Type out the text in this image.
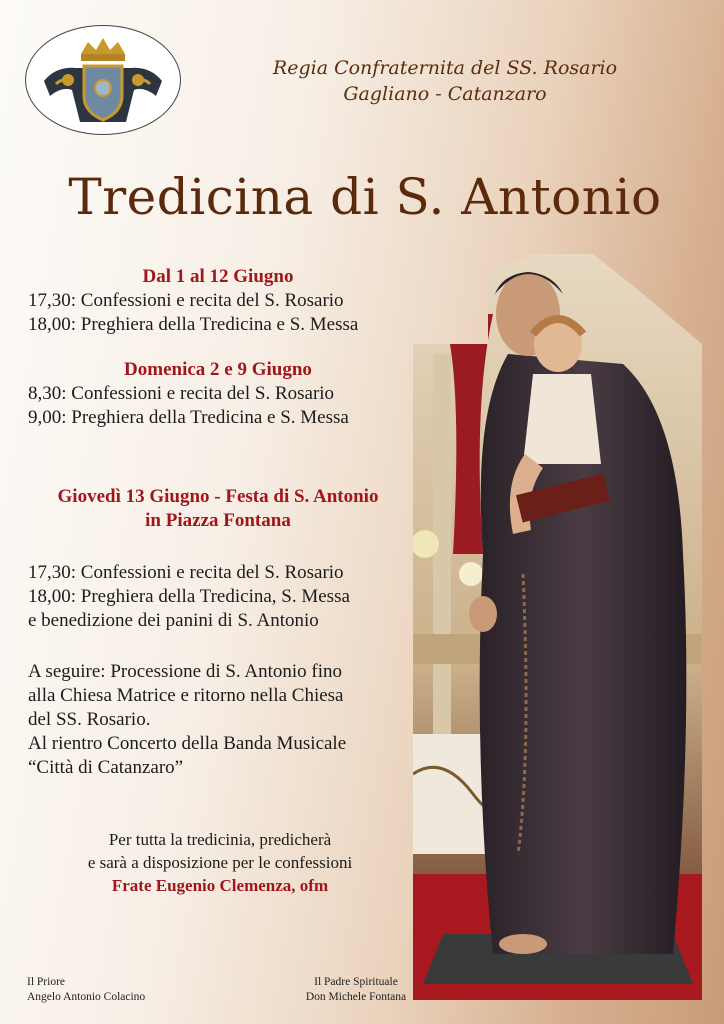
Regia Confraternita del SS. Rosario
Gagliano - Catanzaro
Tredicina di S. Antonio
Dal 1 al 12 Giugno
17,30: Confessioni e recita del S. Rosario
18,00: Preghiera della Tredicina e S. Messa
Domenica 2 e 9 Giugno
8,30: Confessioni e recita del S. Rosario
9,00: Preghiera della Tredicina e S. Messa
Giovedì 13 Giugno - Festa di S. Antonio
in Piazza Fontana
17,30: Confessioni e recita del S. Rosario
18,00: Preghiera della Tredicina, S. Messa
e benedizione dei panini di S. Antonio
A seguire: Processione di S. Antonio fino
alla Chiesa Matrice e ritorno nella Chiesa
del SS. Rosario.
Al rientro Concerto della Banda Musicale
“Città di Catanzaro”
Per tutta la tredicinia, predicherà
e sarà a disposizione per le confessioni
Frate Eugenio Clemenza, ofm
Il Priore
Angelo Antonio Colacino
Il Padre Spirituale
Don Michele Fontana
